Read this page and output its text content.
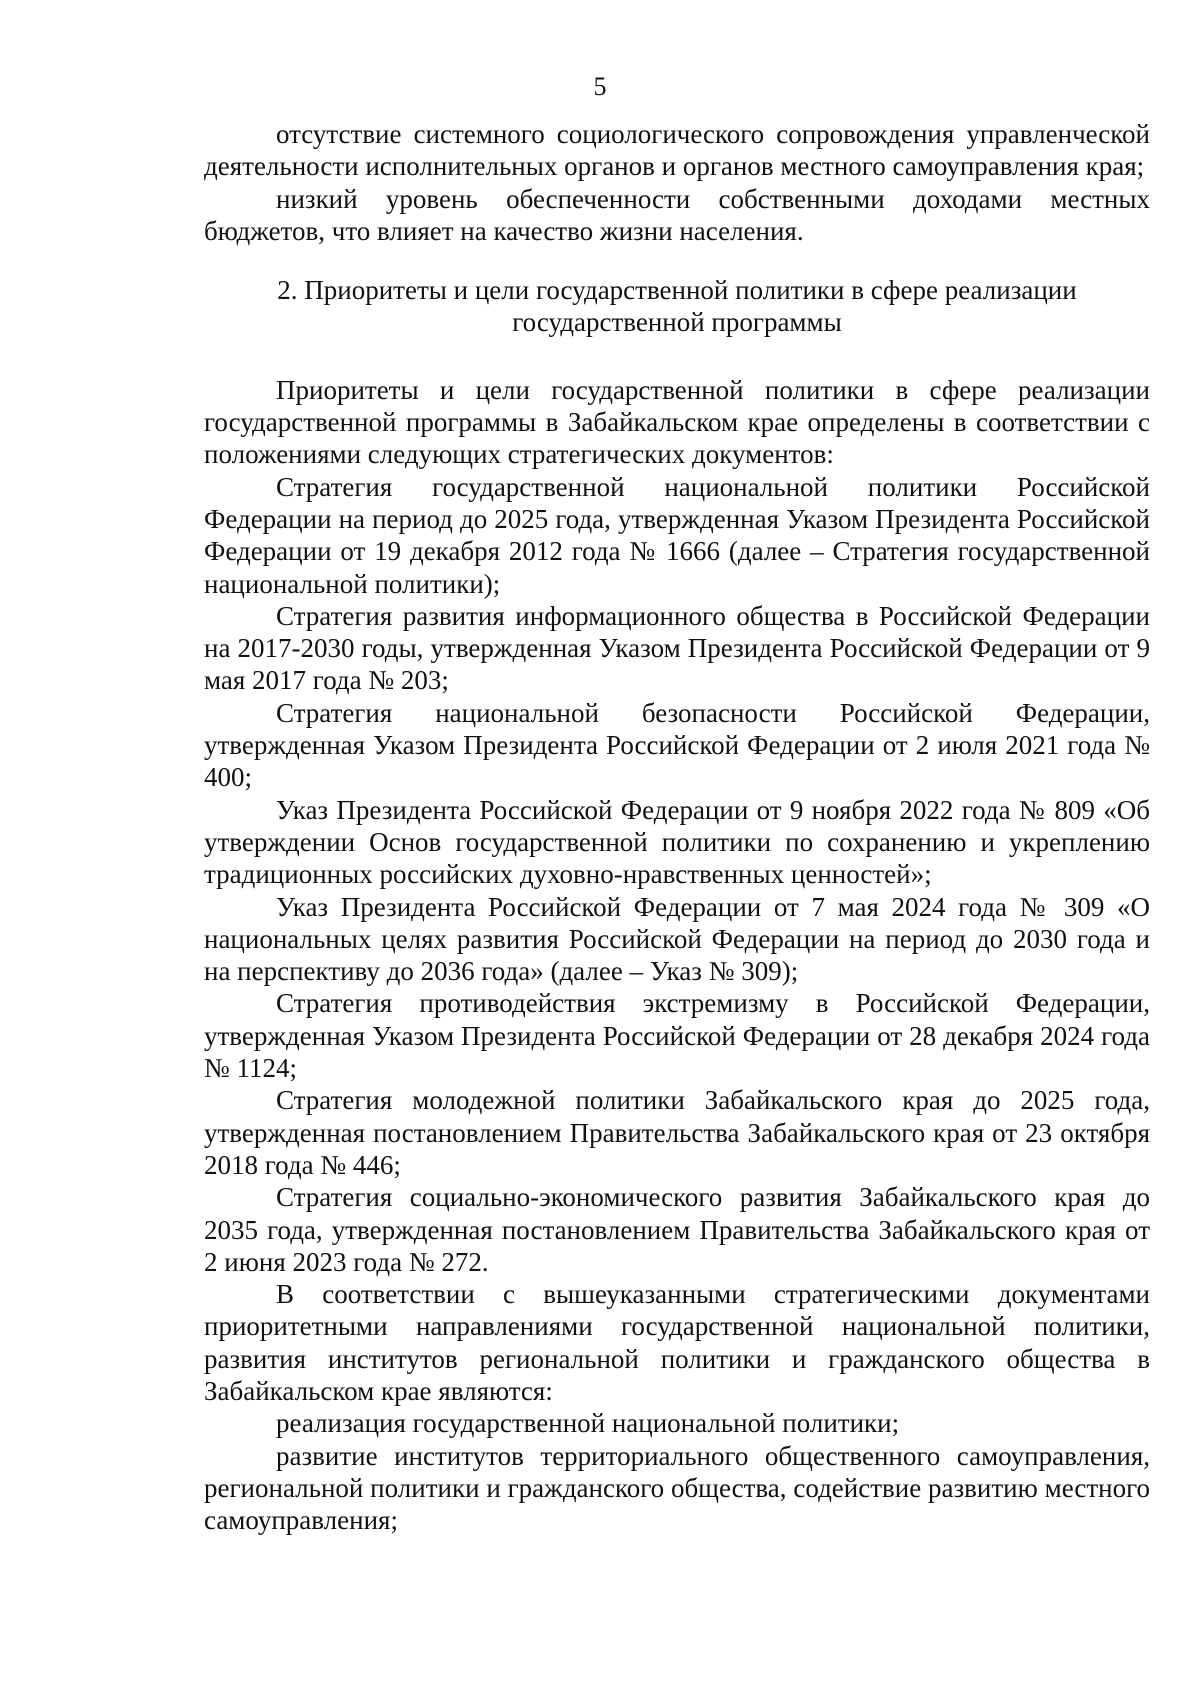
5

отсутствие системного социологического сопровождения управленческой деятельности исполнительных органов и органов местного самоуправления края;

низкий уровень обеспеченности собственными доходами местных бюджетов, что влияет на качество жизни населения.

2. Приоритеты и цели государственной политики в сфере реализации государственной программы

Приоритеты и цели государственной политики в сфере реализации государственной программы в Забайкальском крае определены в соответствии с положениями следующих стратегических документов:

Стратегия государственной национальной политики Российской Федерации на период до 2025 года, утвержденная Указом Президента Российской Федерации от 19 декабря 2012 года № 1666 (далее – Стратегия государственной национальной политики);

Стратегия развития информационного общества в Российской Федерации на 2017-2030 годы, утвержденная Указом Президента Российской Федерации от 9 мая 2017 года № 203;

Стратегия национальной безопасности Российской Федерации, утвержденная Указом Президента Российской Федерации от 2 июля 2021 года № 400;

Указ Президента Российской Федерации от 9 ноября 2022 года № 809 «Об утверждении Основ государственной политики по сохранению и укреплению традиционных российских духовно-нравственных ценностей»;

Указ Президента Российской Федерации от 7 мая 2024 года № 309 «О национальных целях развития Российской Федерации на период до 2030 года и на перспективу до 2036 года» (далее – Указ № 309);

Стратегия противодействия экстремизму в Российской Федерации, утвержденная Указом Президента Российской Федерации от 28 декабря 2024 года № 1124;

Стратегия молодежной политики Забайкальского края до 2025 года, утвержденная постановлением Правительства Забайкальского края от 23 октября 2018 года № 446;

Стратегия социально-экономического развития Забайкальского края до 2035 года, утвержденная постановлением Правительства Забайкальского края от 2 июня 2023 года № 272.

В соответствии с вышеуказанными стратегическими документами приоритетными направлениями государственной национальной политики, развития институтов региональной политики и гражданского общества в Забайкальском крае являются:

реализация государственной национальной политики;

развитие институтов территориального общественного самоуправления, региональной политики и гражданского общества, содействие развитию местного самоуправления;
